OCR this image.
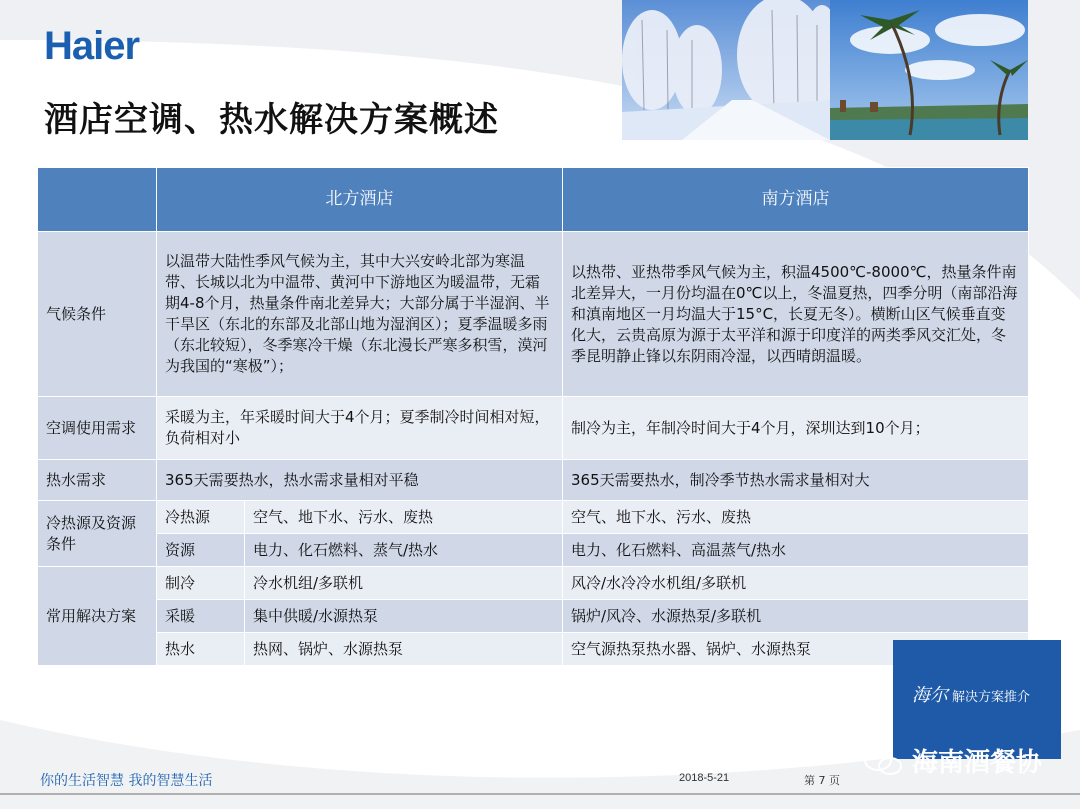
Haier
酒店空调、热水解决方案概述
	北方酒店		南方酒店
气候条件	以温带大陆性季风气候为主，其中大兴安岭北部为寒温带、长城以北为中温带、黄河中下游地区为暖温带，无霜期4-8个月，热量条件南北差异大；大部分属于半湿润、半干旱区（东北的东部及北部山地为湿润区）；夏季温暖多雨（东北较短），冬季寒冷干燥（东北漫长严寒多积雪，漠河为我国的“寒极”）；		以热带、亚热带季风气候为主，积温4500℃-8000℃，热量条件南北差异大，一月份均温在0℃以上，冬温夏热，四季分明（南部沿海和滇南地区一月均温大于15°C，长夏无冬）。横断山区气候垂直变化大，云贵高原为源于太平洋和源于印度洋的两类季风交汇处，冬季昆明静止锋以东阴雨冷湿，以西晴朗温暖。
空调使用需求	采暖为主，年采暖时间大于4个月；夏季制冷时间相对短，负荷相对小		制冷为主，年制冷时间大于4个月，深圳达到10个月；
热水需求	365天需要热水，热水需求量相对平稳		365天需要热水，制冷季节热水需求量相对大
冷热源及资源条件	冷热源	空气、地下水、污水、废热	空气、地下水、污水、废热
	资源	电力、化石燃料、蒸气/热水	电力、化石燃料、高温蒸气/热水
常用解决方案	制冷	冷水机组/多联机	风冷/水冷冷水机组/多联机
	采暖	集中供暖/水源热泵	锅炉/风冷、水源热泵/多联机
	热水	热网、锅炉、水源热泵	空气源热泵热水器、锅炉、水源热泵
海尔 解决方案推介
海南酒餐协
你的生活智慧 我的智慧生活	2018-5-21	第 7 页
